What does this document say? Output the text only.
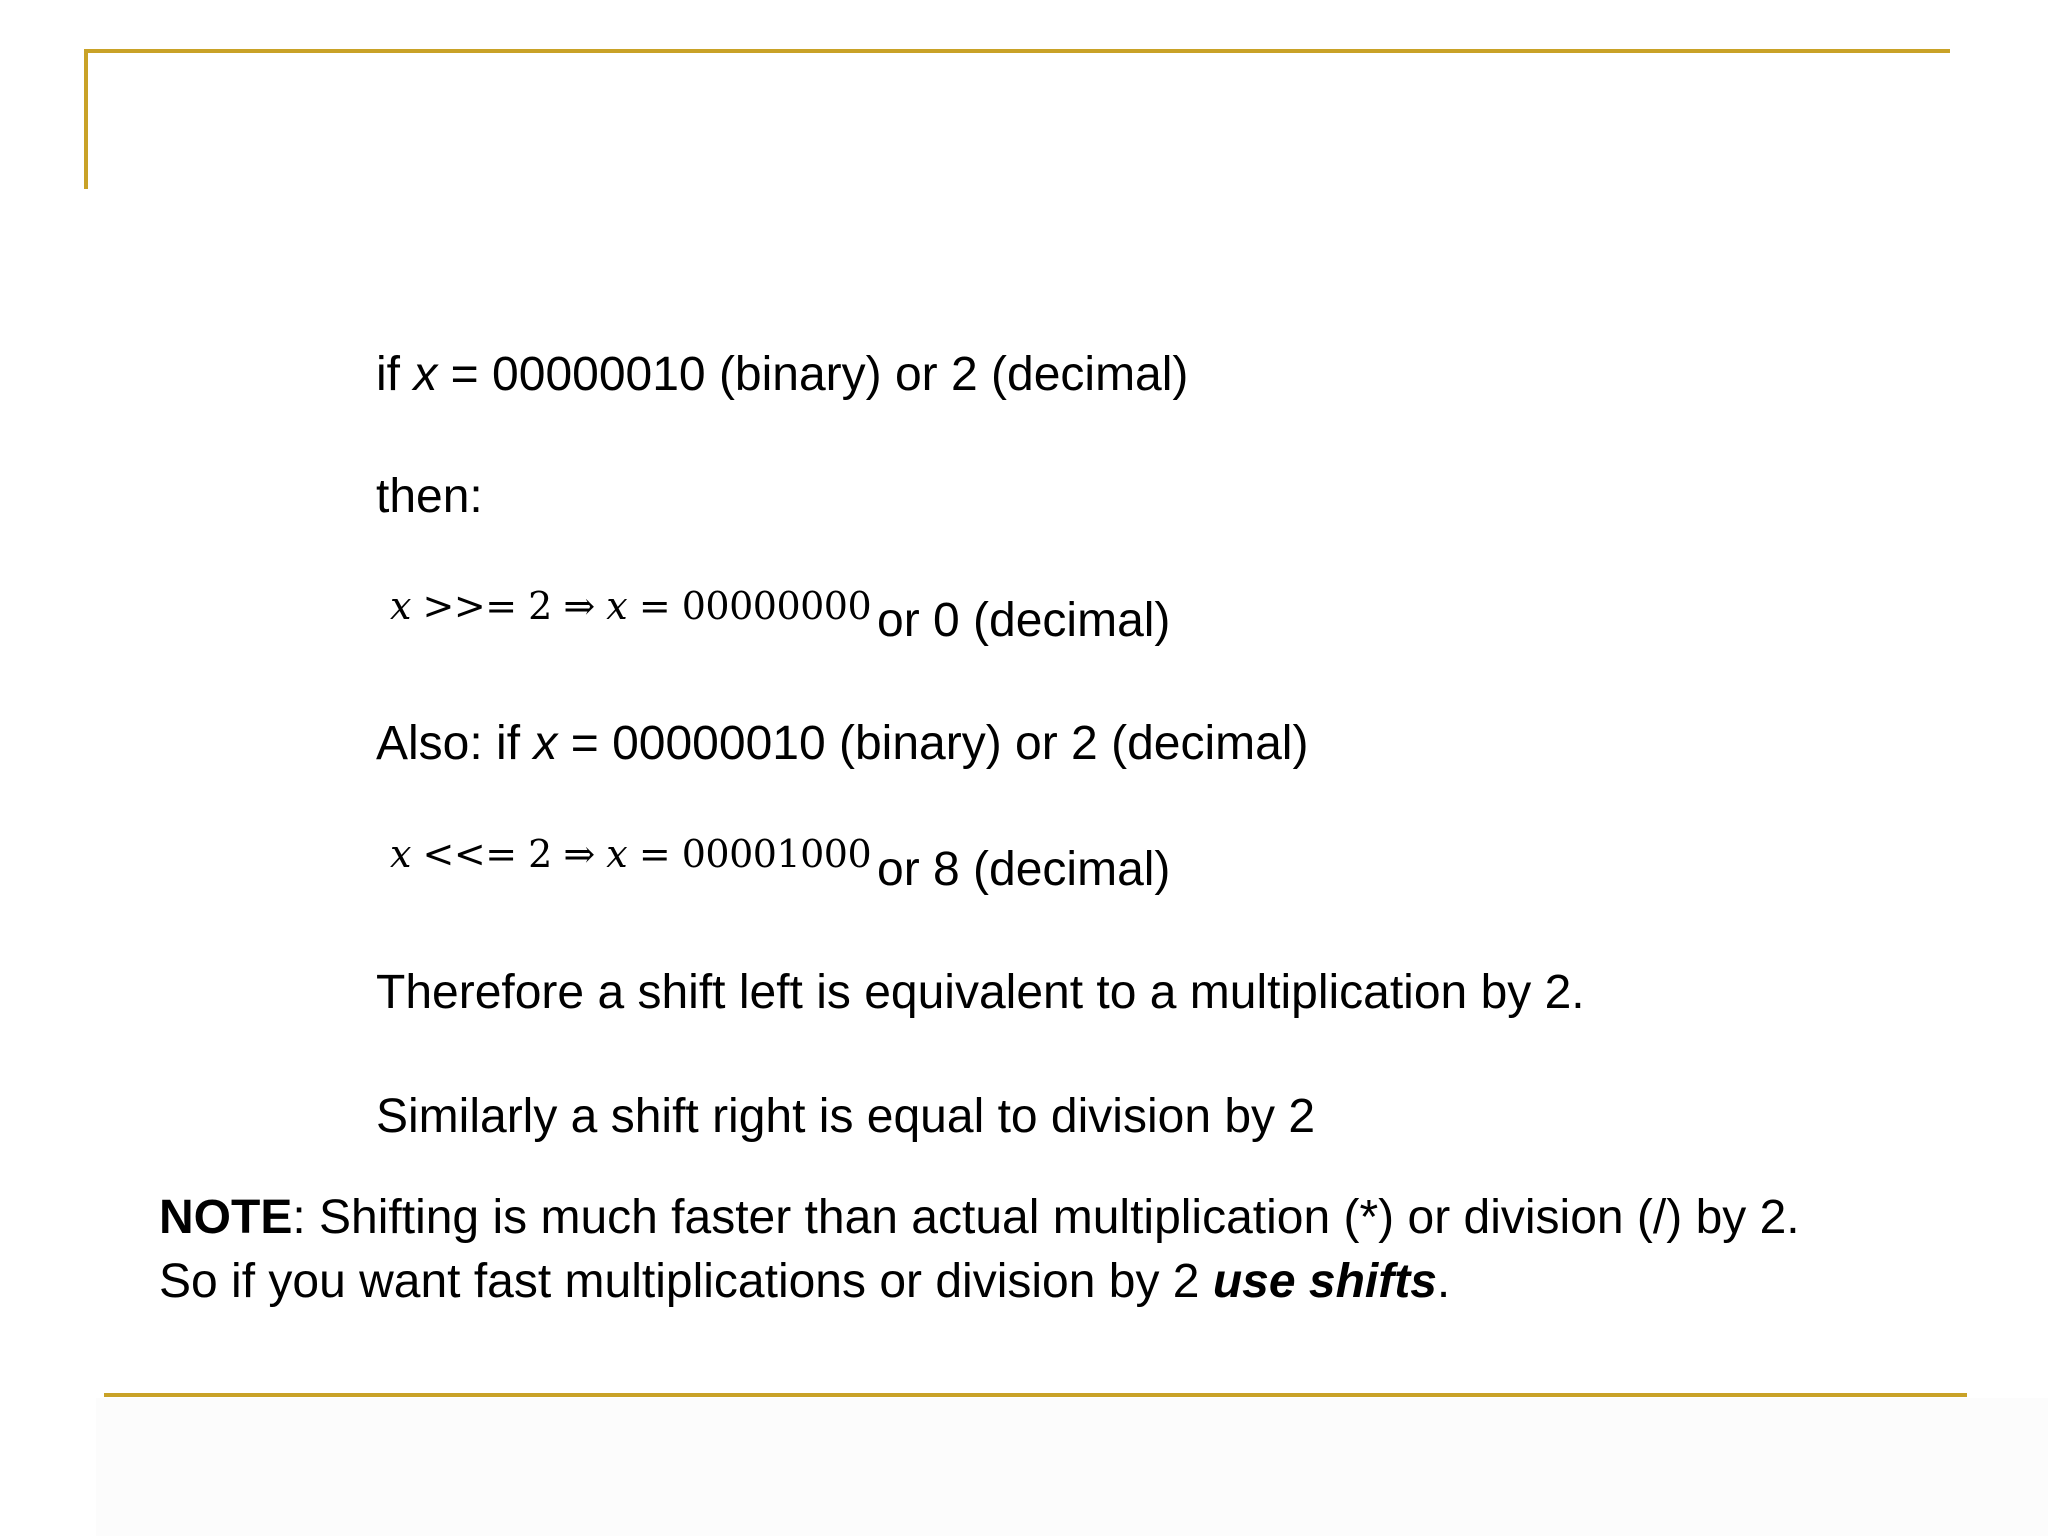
if x = 00000010 (binary) or 2 (decimal)
then:
x >>= 2 ⇒ x = 00000000 or 0 (decimal)
Also: if x = 00000010 (binary) or 2 (decimal)
x <<= 2 ⇒ x = 00001000 or 8 (decimal)
Therefore a shift left is equivalent to a multiplication by 2.
Similarly a shift right is equal to division by 2
NOTE: Shifting is much faster than actual multiplication (*) or division (/) by 2.
So if you want fast multiplications or division by 2 use shifts.
